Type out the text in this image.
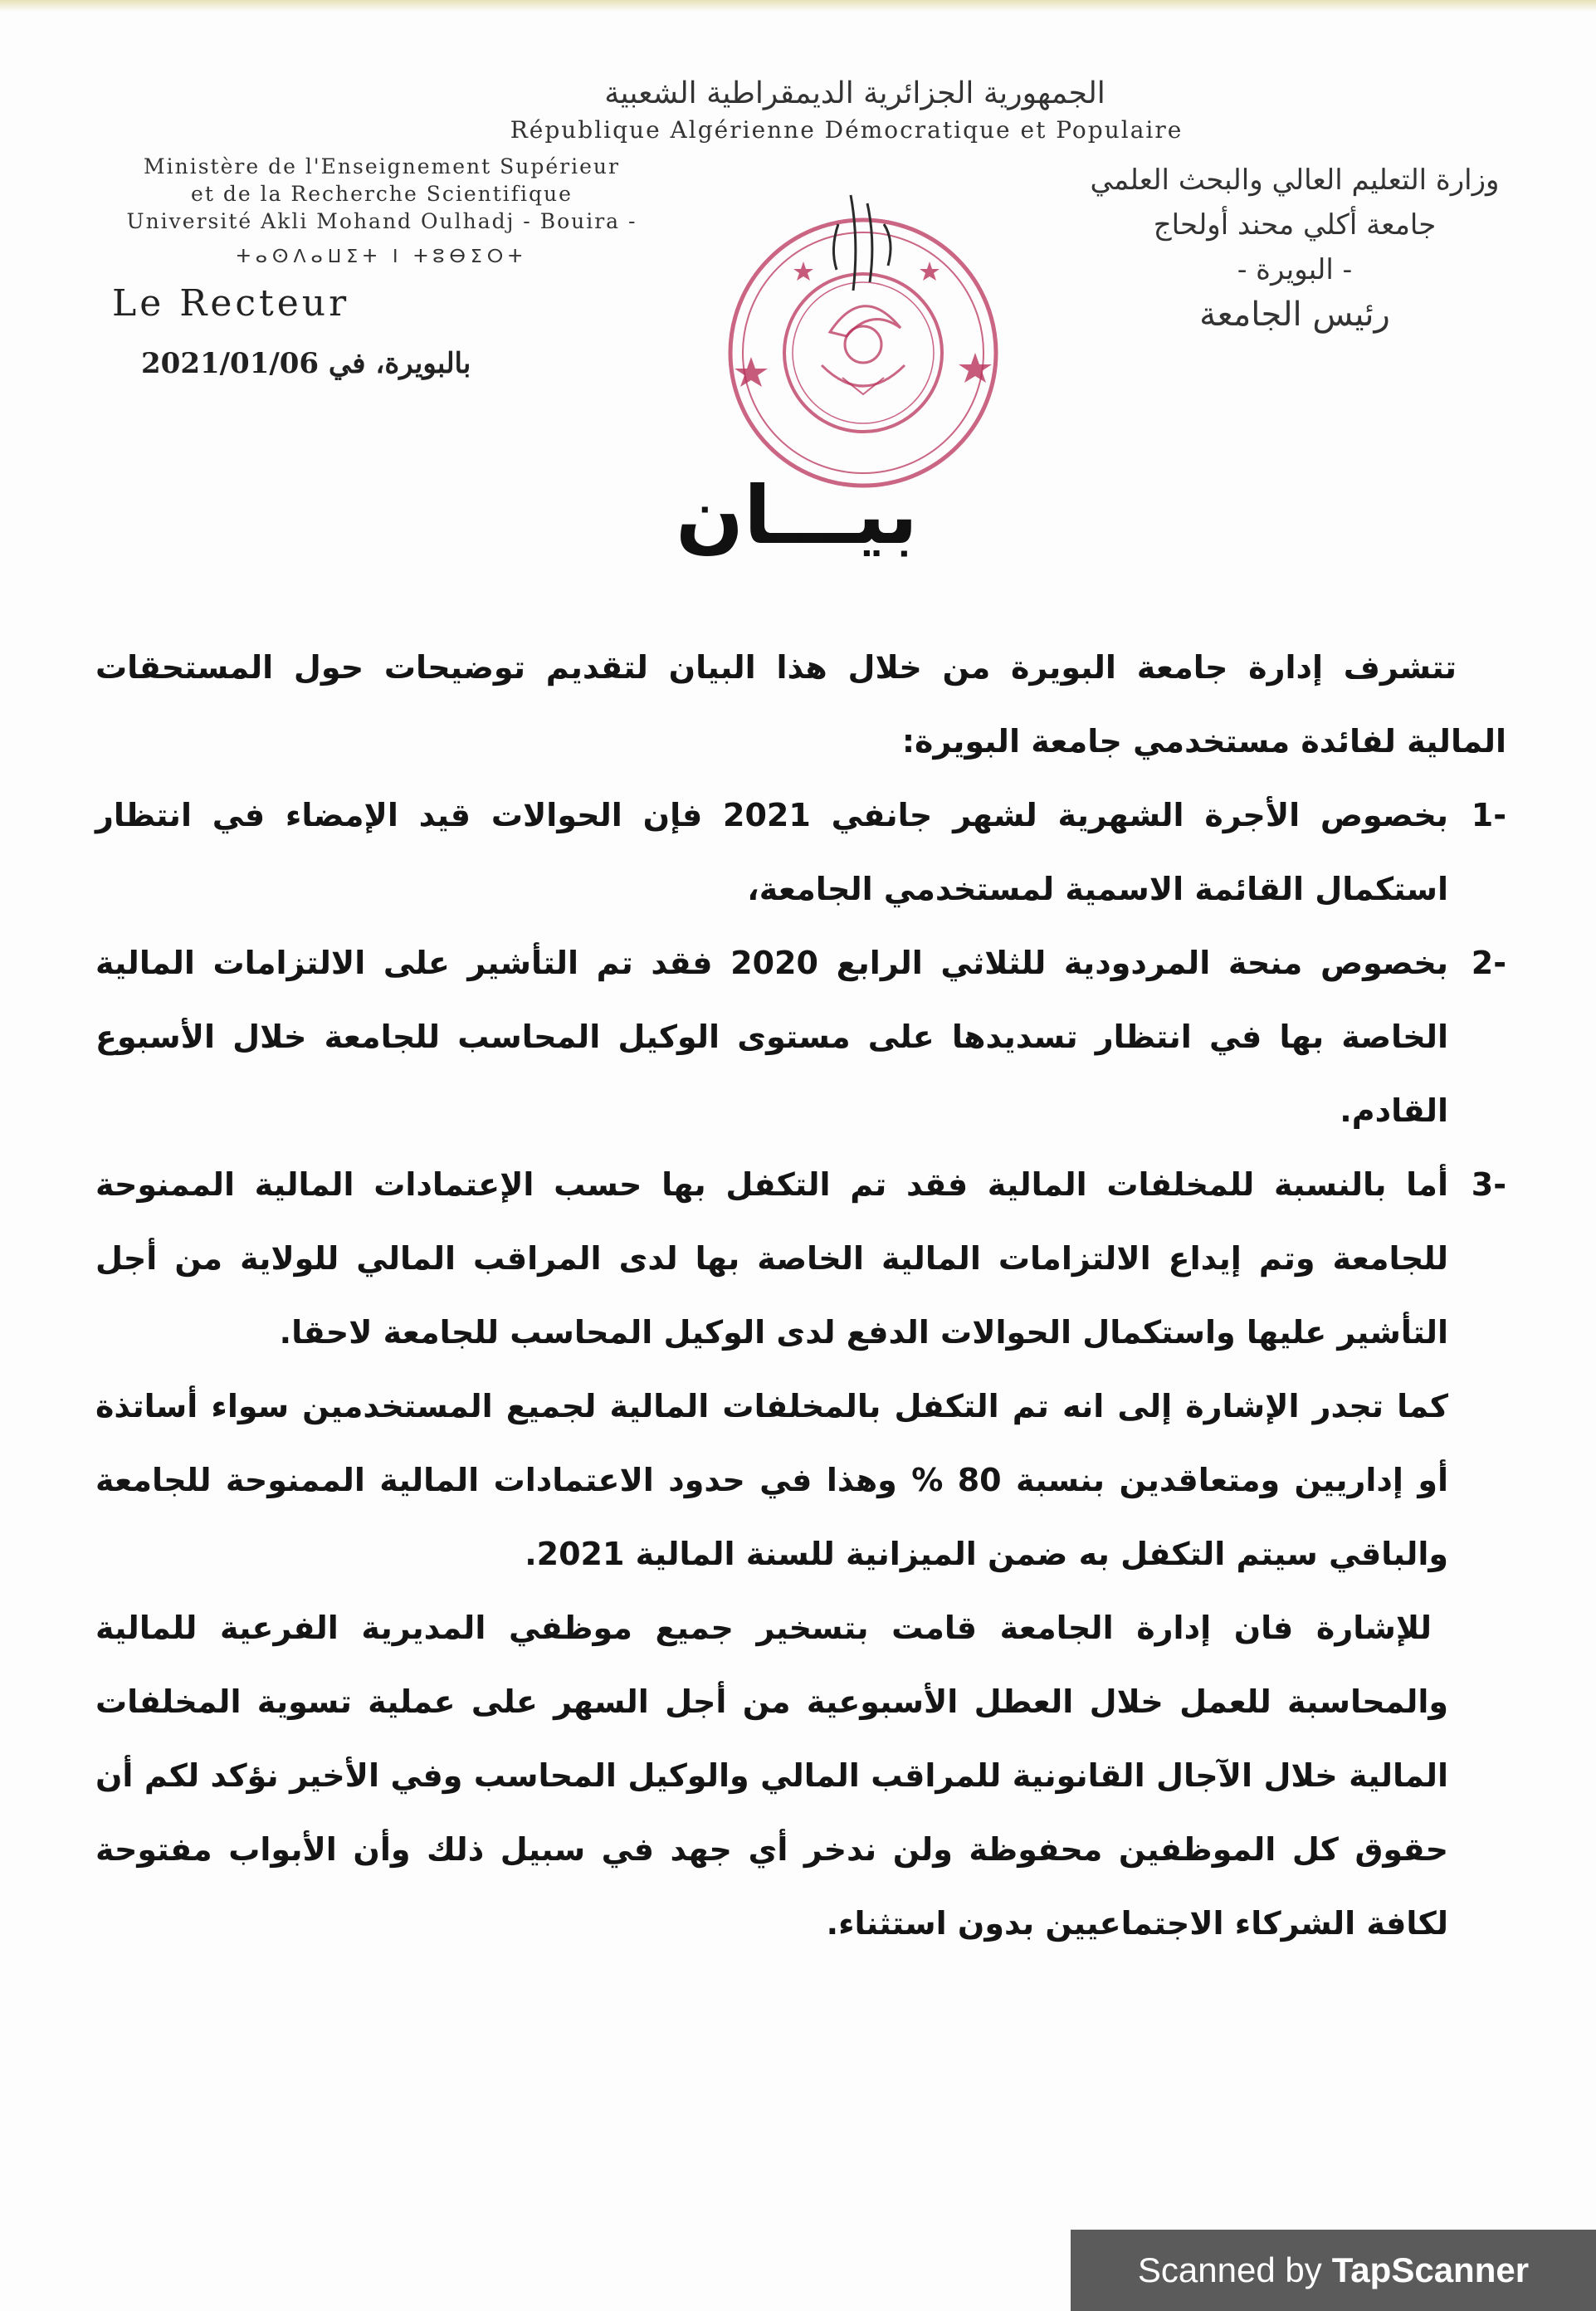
الجمهورية الجزائرية الديمقراطية الشعبية
République Algérienne Démocratique et Populaire
Ministère de l'Enseignement Supérieur
et de la Recherche Scientifique
Université Akli Mohand Oulhadj - Bouira -
ⵜⴰⵙⴷⴰⵡⵉⵜ ⵏ ⵜⵓⴱⵉⵔⵜ
Le Recteur
بالبويرة، في 2021/01/06
وزارة التعليم العالي والبحث العلمي
جامعة أكلي محند أولحاج
- البويرة -
رئيس الجامعة
بيـــان

تتشرف إدارة جامعة البويرة من خلال هذا البيان لتقديم توضيحات حول المستحقات المالية لفائدة مستخدمي جامعة البويرة:

-1
بخصوص الأجرة الشهرية لشهر جانفي 2021 فإن الحوالات قيد الإمضاء في انتظار استكمال القائمة الاسمية لمستخدمي الجامعة،
-2
بخصوص منحة المردودية للثلاثي الرابع 2020 فقد تم التأشير على الالتزامات المالية الخاصة بها في انتظار تسديدها على مستوى الوكيل المحاسب للجامعة خلال الأسبوع القادم.
-3
أما بالنسبة للمخلفات المالية فقد تم التكفل بها حسب الإعتمادات المالية الممنوحة للجامعة وتم إيداع الالتزامات المالية الخاصة بها لدى المراقب المالي للولاية من أجل التأشير عليها واستكمال الحوالات الدفع لدى الوكيل المحاسب للجامعة لاحقا.

كما تجدر الإشارة إلى انه تم التكفل بالمخلفات المالية لجميع المستخدمين سواء أساتذة أو إداريين ومتعاقدين بنسبة 80 % وهذا في حدود الاعتمادات المالية الممنوحة للجامعة والباقي سيتم التكفل به ضمن الميزانية للسنة المالية 2021.

للإشارة فان إدارة الجامعة قامت بتسخير جميع موظفي المديرية الفرعية للمالية والمحاسبة للعمل خلال العطل الأسبوعية من أجل السهر على عملية تسوية المخلفات المالية خلال الآجال القانونية للمراقب المالي والوكيل المحاسب وفي الأخير نؤكد لكم أن حقوق كل الموظفين محفوظة ولن ندخر أي جهد في سبيل ذلك وأن الأبواب مفتوحة لكافة الشركاء الاجتماعيين بدون استثناء.

Scanned by TapScanner
